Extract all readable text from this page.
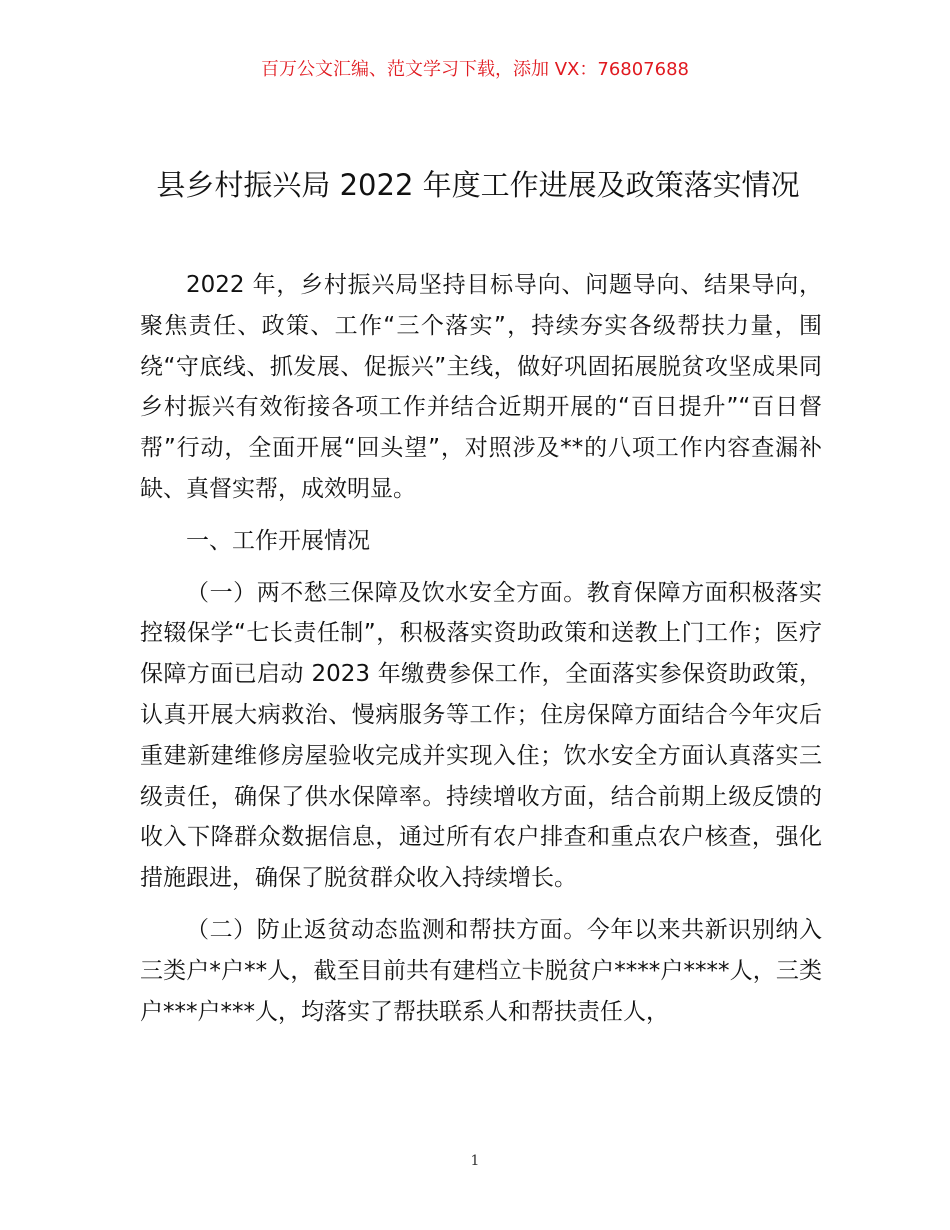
百万公文汇编、范文学习下载，添加 VX：76807688
县乡村振兴局 2022 年度工作进展及政策落实情况

2022 年，乡村振兴局坚持目标导向、问题导向、结果导向，聚焦责任、政策、工作“三个落实”，持续夯实各级帮扶力量，围绕“守底线、抓发展、促振兴”主线，做好巩固拓展脱贫攻坚成果同乡村振兴有效衔接各项工作并结合近期开展的“百日提升”“百日督帮”行动，全面开展“回头望”，对照涉及**的八项工作内容查漏补缺、真督实帮，成效明显。

一、工作开展情况

（一）两不愁三保障及饮水安全方面。教育保障方面积极落实控辍保学“七长责任制”，积极落实资助政策和送教上门工作；医疗保障方面已启动 2023 年缴费参保工作，全面落实参保资助政策，认真开展大病救治、慢病服务等工作；住房保障方面结合今年灾后重建新建维修房屋验收完成并实现入住；饮水安全方面认真落实三级责任，确保了供水保障率。持续增收方面，结合前期上级反馈的收入下降群众数据信息，通过所有农户排查和重点农户核查，强化措施跟进，确保了脱贫群众收入持续增长。

（二）防止返贫动态监测和帮扶方面。今年以来共新识别纳入三类户*户**人，截至目前共有建档立卡脱贫户****户****人，三类户***户***人，均落实了帮扶联系人和帮扶责任人，

1
